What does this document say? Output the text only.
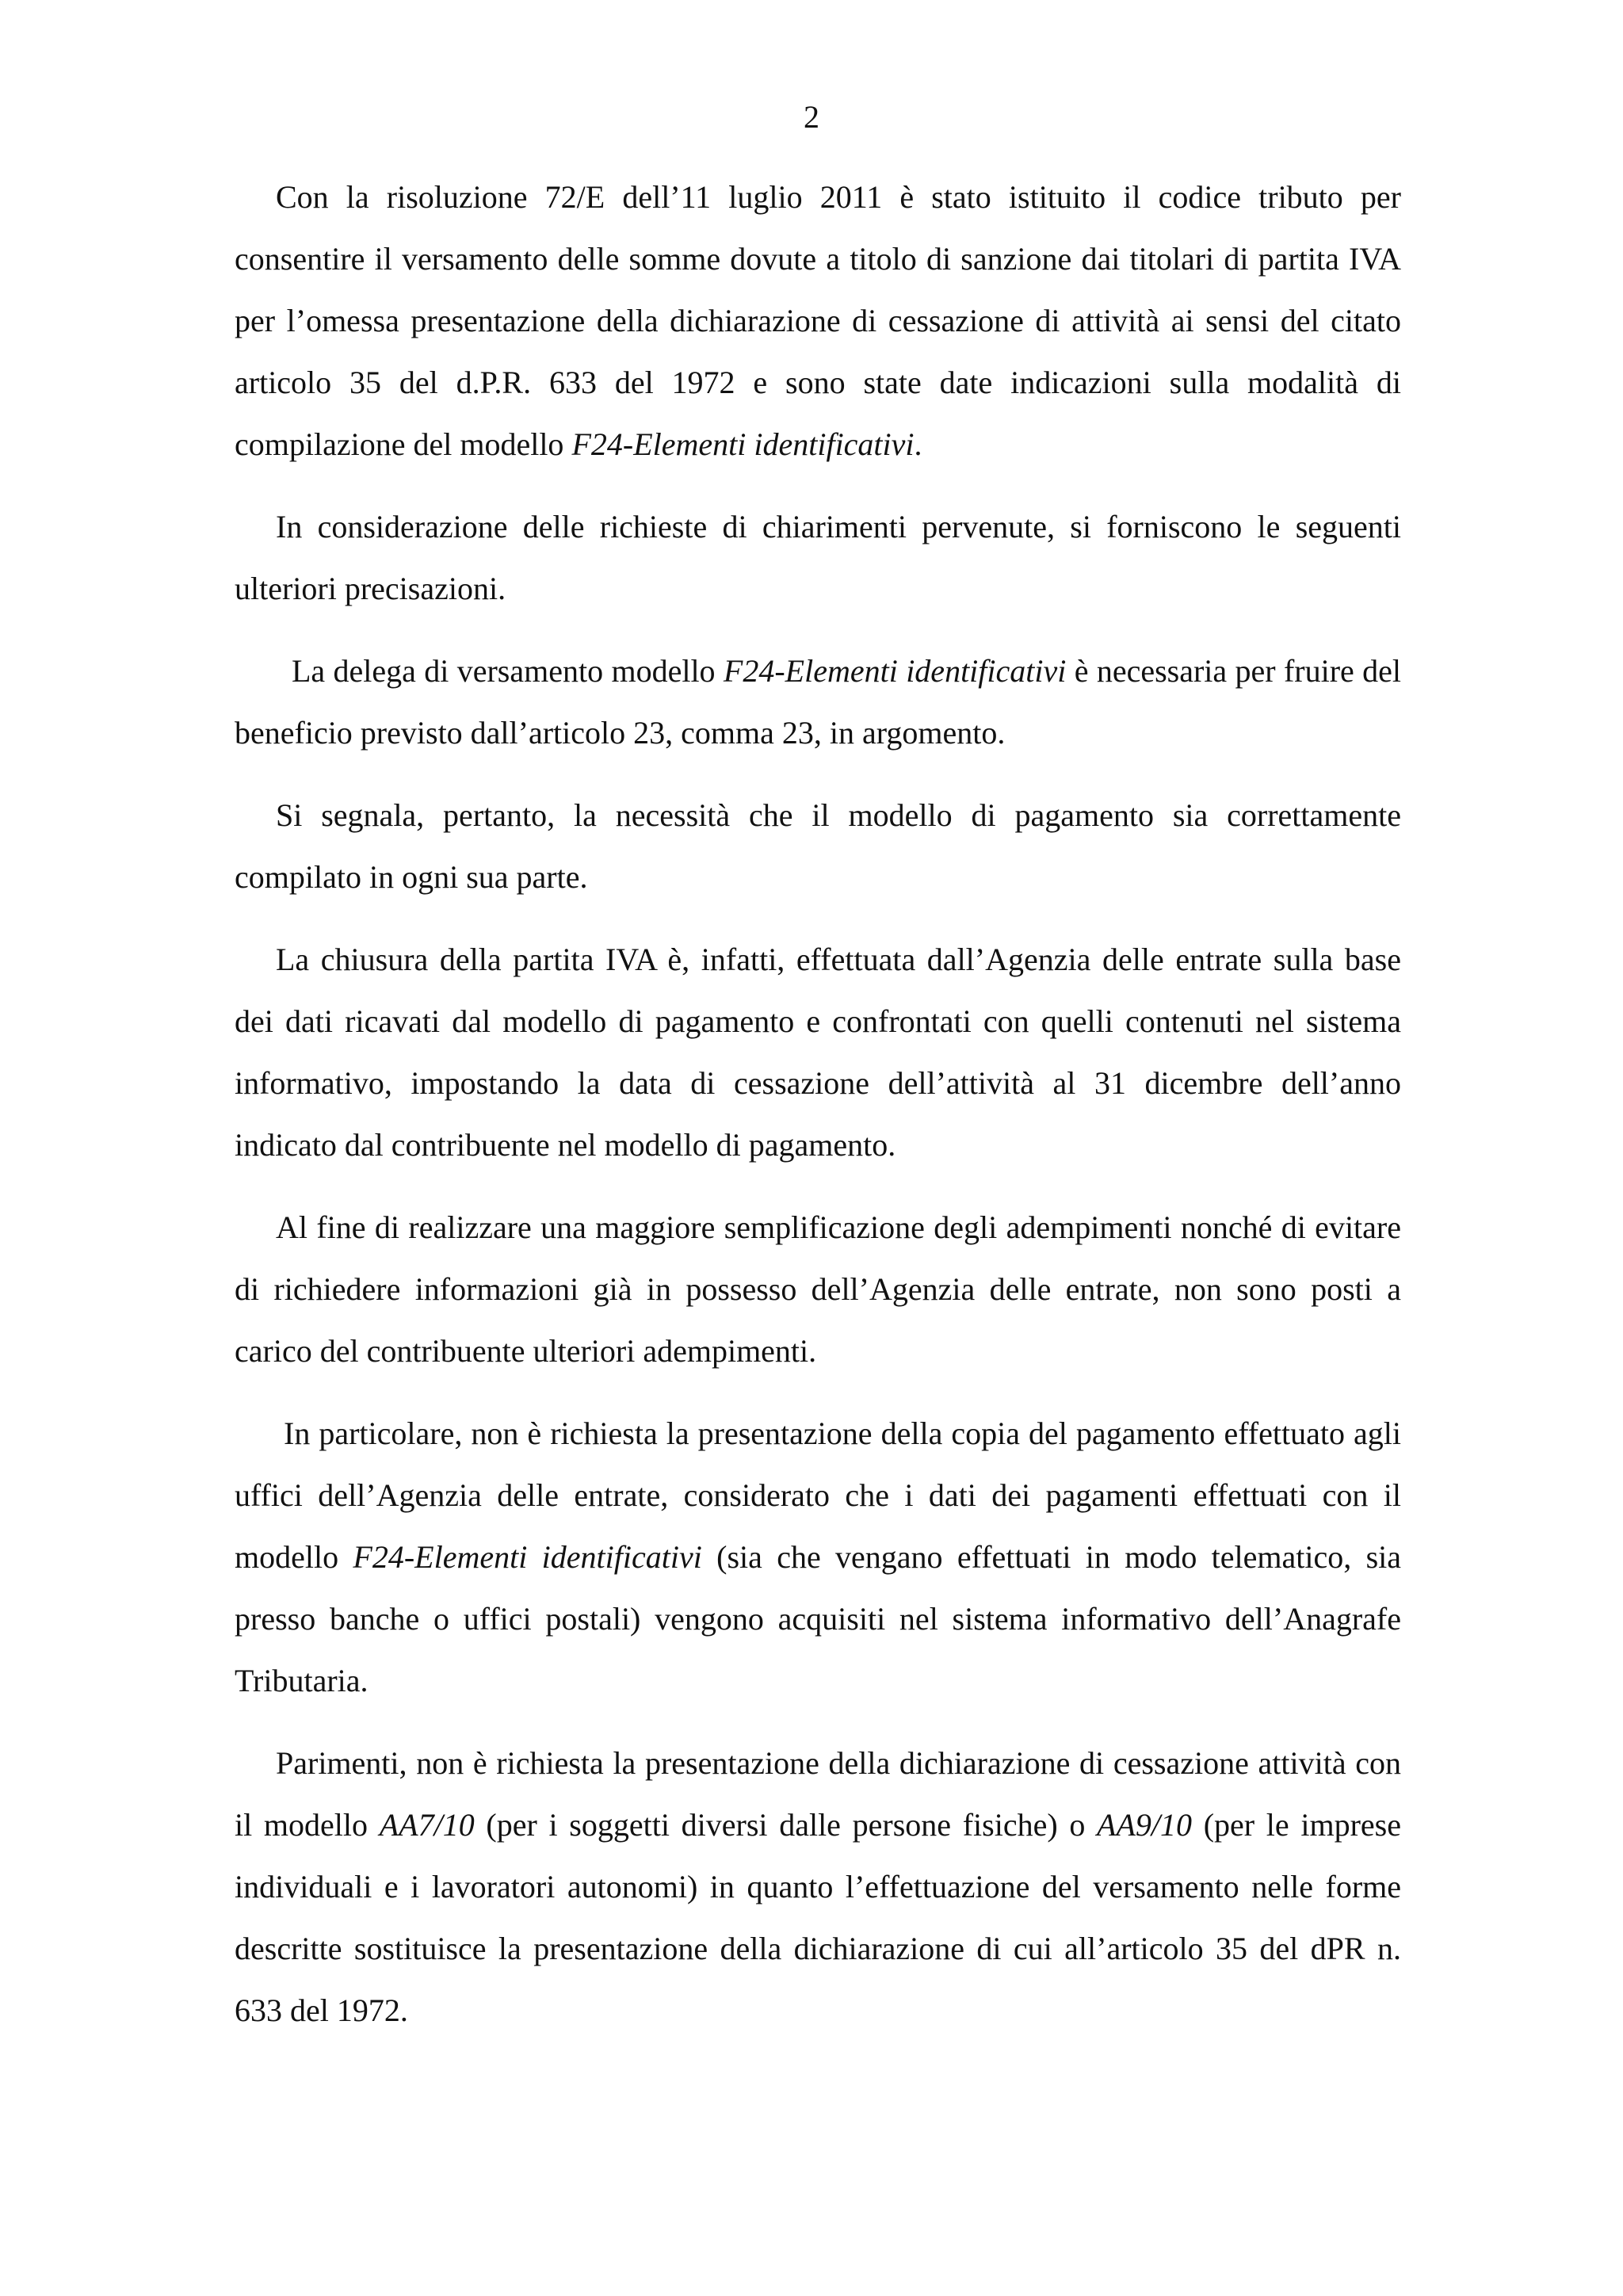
2

Con la risoluzione 72/E dell’11 luglio 2011 è stato istituito il codice tributo per consentire il versamento delle somme dovute a titolo di sanzione dai titolari di partita IVA per l’omessa presentazione della dichiarazione di cessazione di attività ai sensi del citato articolo 35 del d.P.R. 633 del 1972 e sono state date indicazioni sulla modalità di compilazione del modello F24-Elementi identificativi.

In considerazione delle richieste di chiarimenti pervenute, si forniscono le seguenti ulteriori precisazioni.

La delega di versamento modello F24-Elementi identificativi è necessaria per fruire del beneficio previsto dall’articolo 23, comma 23, in argomento.

Si segnala, pertanto, la necessità che il modello di pagamento sia correttamente compilato in ogni sua parte.

La chiusura della partita IVA è, infatti, effettuata dall’Agenzia delle entrate sulla base dei dati ricavati dal modello di pagamento e confrontati con quelli contenuti nel sistema informativo, impostando la data di cessazione dell’attività al 31 dicembre dell’anno indicato dal contribuente nel modello di pagamento.

Al fine di realizzare una maggiore semplificazione degli adempimenti nonché di evitare di richiedere informazioni già in possesso dell’Agenzia delle entrate, non sono posti a carico del contribuente ulteriori adempimenti.

In particolare, non è richiesta la presentazione della copia del pagamento effettuato agli uffici dell’Agenzia delle entrate, considerato che i dati dei pagamenti effettuati con il modello F24-Elementi identificativi (sia che vengano effettuati in modo telematico, sia presso banche o uffici postali) vengono acquisiti nel sistema informativo dell’Anagrafe Tributaria.

Parimenti, non è richiesta la presentazione della dichiarazione di cessazione attività con il modello AA7/10 (per i soggetti diversi dalle persone fisiche) o AA9/10 (per le imprese individuali e i lavoratori autonomi) in quanto l’effettuazione del versamento nelle forme descritte sostituisce la presentazione della dichiarazione di cui all’articolo 35 del dPR n. 633 del 1972.
